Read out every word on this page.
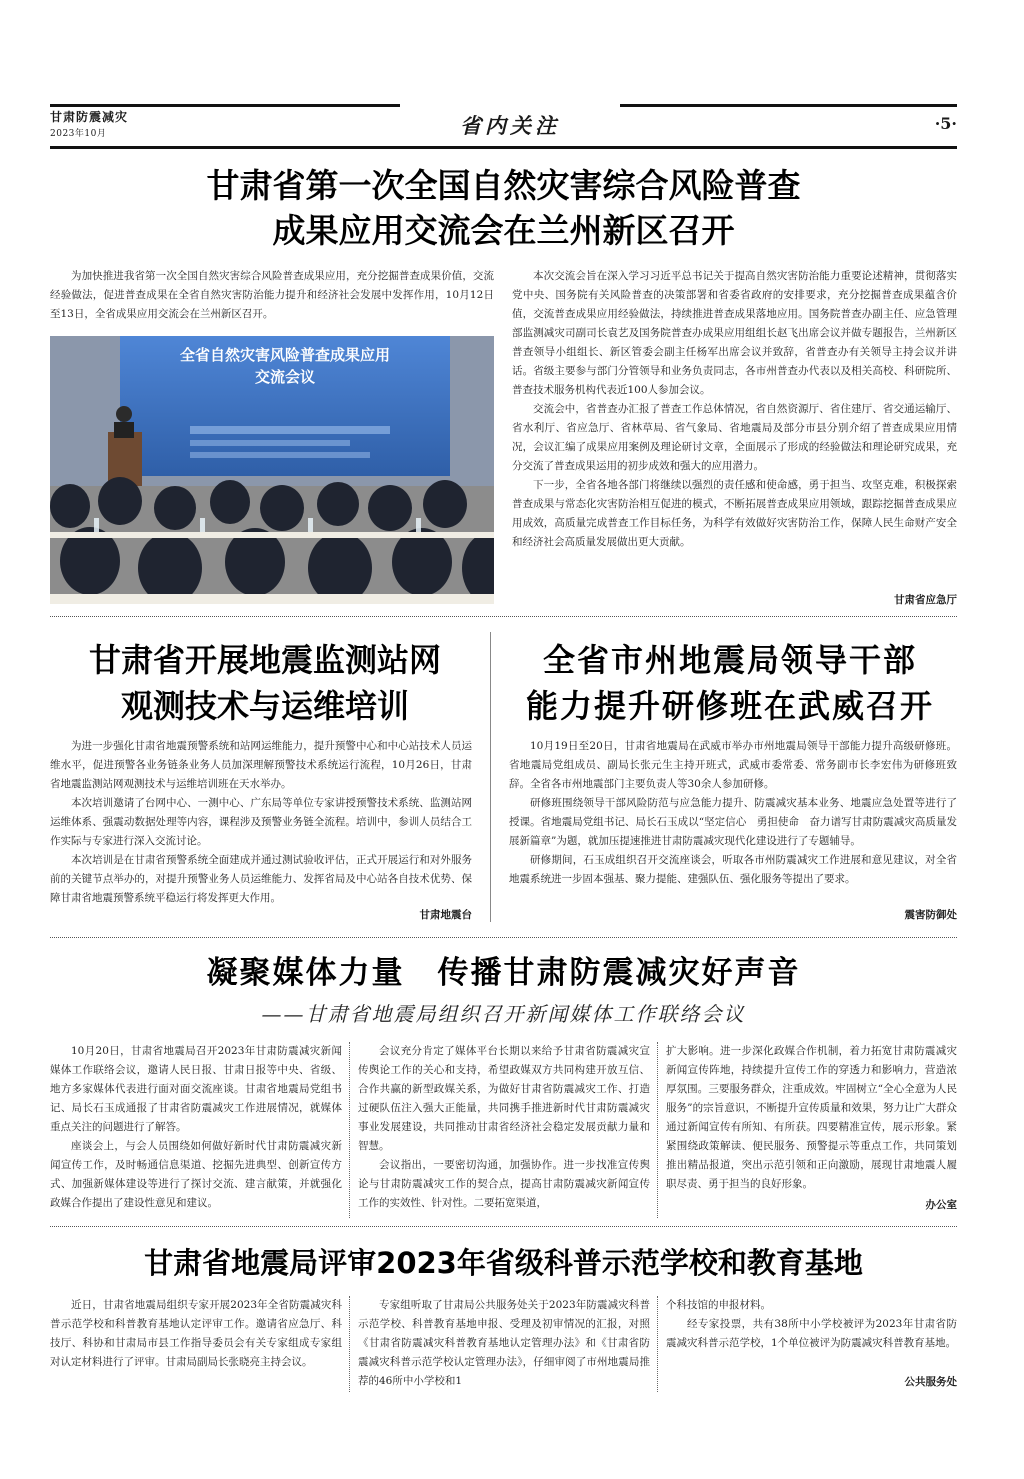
甘肃防震减灾
2023年10月	省内关注	·5·
甘肃省第一次全国自然灾害综合风险普查
成果应用交流会在兰州新区召开

为加快推进我省第一次全国自然灾害综合风险普查成果应用，充分挖掘普查成果价值，交流经验做法，促进普查成果在全省自然灾害防治能力提升和经济社会发展中发挥作用，10月12日至13日，全省成果应用交流会在兰州新区召开。

全省自然灾害风险普查成果应用
交流会议

本次交流会旨在深入学习习近平总书记关于提高自然灾害防治能力重要论述精神，贯彻落实党中央、国务院有关风险普查的决策部署和省委省政府的安排要求，充分挖掘普查成果蕴含价值，交流普查成果应用经验做法，持续推进普查成果落地应用。国务院普查办副主任、应急管理部监测减灾司副司长袁艺及国务院普查办成果应用组组长赵飞出席会议并做专题报告，兰州新区普查领导小组组长、新区管委会副主任杨军出席会议并致辞，省普查办有关领导主持会议并讲话。省级主要参与部门分管领导和业务负责同志，各市州普查办代表以及相关高校、科研院所、普查技术服务机构代表近100人参加会议。

交流会中，省普查办汇报了普查工作总体情况，省自然资源厅、省住建厅、省交通运输厅、省水利厅、省应急厅、省林草局、省气象局、省地震局及部分市县分别介绍了普查成果应用情况，会议汇编了成果应用案例及理论研讨文章，全面展示了形成的经验做法和理论研究成果，充分交流了普查成果运用的初步成效和强大的应用潜力。

下一步，全省各地各部门将继续以强烈的责任感和使命感，勇于担当、攻坚克难，积极探索普查成果与常态化灾害防治相互促进的模式，不断拓展普查成果应用领域，跟踪挖掘普查成果应用成效，高质量完成普查工作目标任务，为科学有效做好灾害防治工作，保障人民生命财产安全和经济社会高质量发展做出更大贡献。

甘肃省应急厅
甘肃省开展地震监测站网
观测技术与运维培训

为进一步强化甘肃省地震预警系统和站网运维能力，提升预警中心和中心站技术人员运维水平，促进预警各业务链条业务人员加深理解预警技术系统运行流程，10月26日，甘肃省地震监测站网观测技术与运维培训班在天水举办。

本次培训邀请了台网中心、一测中心、广东局等单位专家讲授预警技术系统、监测站网运维体系、强震动数据处理等内容，课程涉及预警业务链全流程。培训中，参训人员结合工作实际与专家进行深入交流讨论。

本次培训是在甘肃省预警系统全面建成并通过测试验收评估，正式开展运行和对外服务前的关键节点举办的，对提升预警业务人员运维能力、发挥省局及中心站各自技术优势、保障甘肃省地震预警系统平稳运行将发挥更大作用。

甘肃地震台
全省市州地震局领导干部
能力提升研修班在武威召开

10月19日至20日，甘肃省地震局在武威市举办市州地震局领导干部能力提升高级研修班。省地震局党组成员、副局长张元生主持开班式，武威市委常委、常务副市长李宏伟为研修班致辞。全省各市州地震部门主要负责人等30余人参加研修。

研修班围绕领导干部风险防范与应急能力提升、防震减灾基本业务、地震应急处置等进行了授课。省地震局党组书记、局长石玉成以“坚定信心　勇担使命　奋力谱写甘肃防震减灾高质量发展新篇章”为题，就加压提速推进甘肃防震减灾现代化建设进行了专题辅导。

研修期间，石玉成组织召开交流座谈会，听取各市州防震减灾工作进展和意见建议，对全省地震系统进一步固本强基、聚力提能、建强队伍、强化服务等提出了要求。

震害防御处
凝聚媒体力量　传播甘肃防震减灾好声音
——甘肃省地震局组织召开新闻媒体工作联络会议

10月20日，甘肃省地震局召开2023年甘肃防震减灾新闻媒体工作联络会议，邀请人民日报、甘肃日报等中央、省级、地方多家媒体代表进行面对面交流座谈。甘肃省地震局党组书记、局长石玉成通报了甘肃省防震减灾工作进展情况，就媒体重点关注的问题进行了解答。

座谈会上，与会人员围绕如何做好新时代甘肃防震减灾新闻宣传工作，及时畅通信息渠道、挖掘先进典型、创新宣传方式、加强新媒体建设等进行了探讨交流、建言献策，并就强化政媒合作提出了建设性意见和建议。

会议充分肯定了媒体平台长期以来给予甘肃省防震减灾宣传舆论工作的关心和支持，希望政媒双方共同构建开放互信、合作共赢的新型政媒关系，为做好甘肃省防震减灾工作、打造过硬队伍注入强大正能量，共同携手推进新时代甘肃防震减灾事业发展建设，共同推动甘肃省经济社会稳定发展贡献力量和智慧。

会议指出，一要密切沟通，加强协作。进一步找准宣传舆论与甘肃防震减灾工作的契合点，提高甘肃防震减灾新闻宣传工作的实效性、针对性。二要拓宽渠道，

扩大影响。进一步深化政媒合作机制，着力拓宽甘肃防震减灾新闻宣传阵地，持续提升宣传工作的穿透力和影响力，营造浓厚氛围。三要服务群众，注重成效。牢固树立“全心全意为人民服务”的宗旨意识，不断提升宣传质量和效果，努力让广大群众通过新闻宣传有所知、有所获。四要精准宣传，展示形象。紧紧围绕政策解读、便民服务、预警提示等重点工作，共同策划推出精品报道，突出示范引领和正向激励，展现甘肃地震人履职尽责、勇于担当的良好形象。

办公室
甘肃省地震局评审2023年省级科普示范学校和教育基地

近日，甘肃省地震局组织专家开展2023年全省防震减灾科普示范学校和科普教育基地认定评审工作。邀请省应急厅、科技厅、科协和甘肃局市县工作指导委员会有关专家组成专家组对认定材料进行了评审。甘肃局副局长张晓亮主持会议。

专家组听取了甘肃局公共服务处关于2023年防震减灾科普示范学校、科普教育基地申报、受理及初审情况的汇报，对照《甘肃省防震减灾科普教育基地认定管理办法》和《甘肃省防震减灾科普示范学校认定管理办法》，仔细审阅了市州地震局推荐的46所中小学校和1

个科技馆的申报材料。

经专家投票，共有38所中小学校被评为2023年甘肃省防震减灾科普示范学校，1个单位被评为防震减灾科普教育基地。

公共服务处
